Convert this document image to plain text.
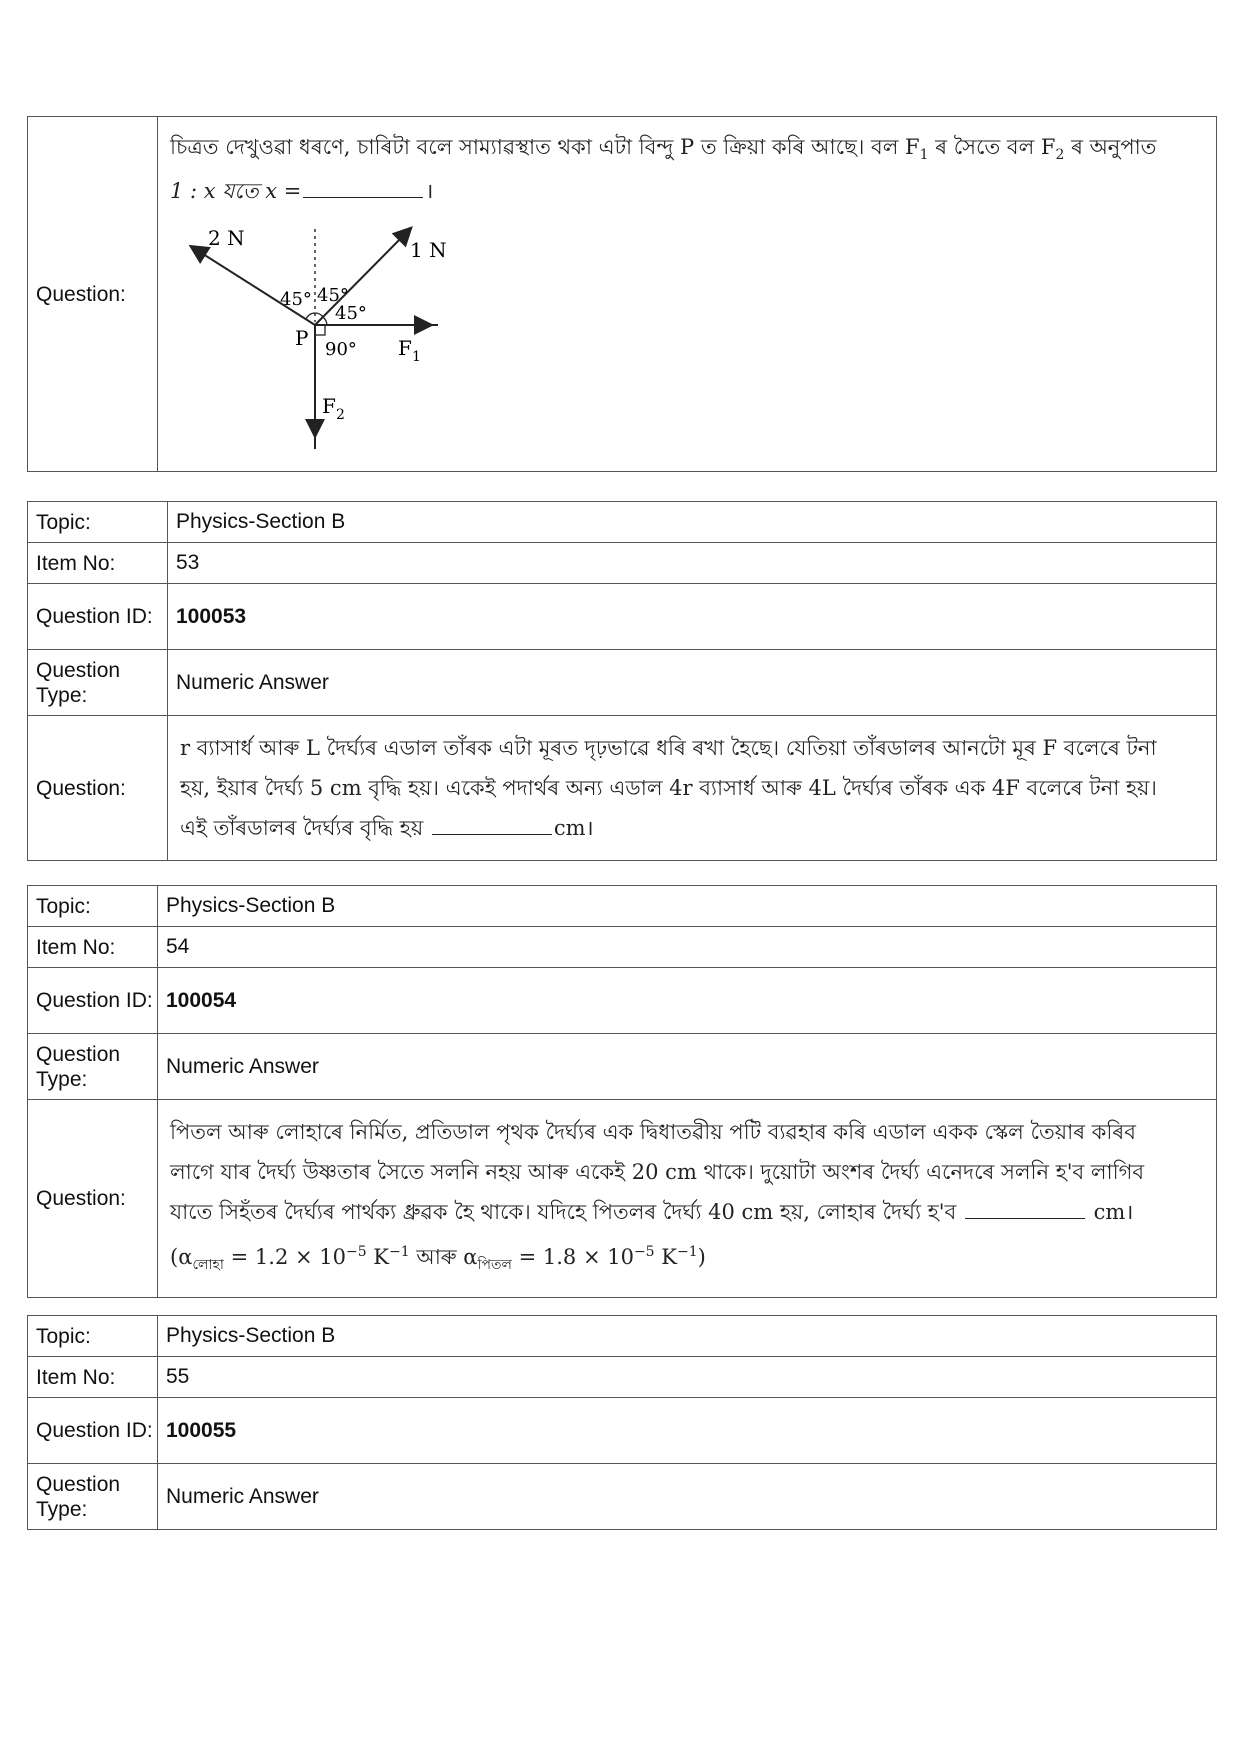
Question:	
চিত্ৰত দেখুওৱা ধৰণে, চাৰিটা বলে সাম্যাৱস্থাত থকা এটা বিন্দু P ত ক্ৰিয়া কৰি আছে। বল $F_1$ ৰ সৈতে বল $F_2$ ৰ অনুপাত
1 : x যতে x =	।
2 N	1 N
45° 45°
45°
90°
P	F 1
F 2
Topic:	Physics-Section B
Item No:	53
Question ID:	100053
Question Type:	Numeric Answer
Question:	r ব্যাসাৰ্ধ আৰু L দৈৰ্ঘ্যৰ এডাল তাঁৰক এটা মূৰত দৃঢ়ভাৱে ধৰি ৰখা হৈছে। যেতিয়া তাঁৰডালৰ আনটো মূৰ F বলেৰে টনা
হয়, ইয়াৰ দৈৰ্ঘ্য 5 cm বৃদ্ধি হয়। একেই পদাৰ্থৰ অন্য এডাল 4r ব্যাসাৰ্ধ আৰু 4L দৈৰ্ঘ্যৰ তাঁৰক এক 4F বলেৰে টনা হয়।
এই তাঁৰডালৰ দৈৰ্ঘ্যৰ বৃদ্ধি হয় cm।
Topic:	Physics-Section B
Item No:	54
Question ID:	100054
Question Type:	Numeric Answer
Question:	পিতল আৰু লোহাৰে নিৰ্মিত, প্ৰতিডাল পৃথক দৈৰ্ঘ্যৰ এক দ্বিধাতৱীয় পটি ব্যৱহাৰ কৰি এডাল একক স্কেল তৈয়াৰ কৰিব
লাগে যাৰ দৈৰ্ঘ্য উষ্ণতাৰ সৈতে সলনি নহয় আৰু একেই 20 cm থাকে। দুয়োটা অংশৰ দৈৰ্ঘ্য এনেদৰে সলনি হ'ব লাগিব
যাতে সিহঁতৰ দৈৰ্ঘ্যৰ পাৰ্থক্য ধ্ৰুৱক হৈ থাকে। যদিহে পিতলৰ দৈৰ্ঘ্য 40 cm হয়, লোহাৰ দৈৰ্ঘ্য হ'ব cm।
($\alpha_{লোহা} = 1.2 \times 10^{-5}$ $K^{-1}$ আৰু $\alpha_{পিতল} = 1.8 \times 10^{-5}$ $K^{-1}$)
Topic:	Physics-Section B
Item No:	55
Question ID:	100055
Question Type:	Numeric Answer
